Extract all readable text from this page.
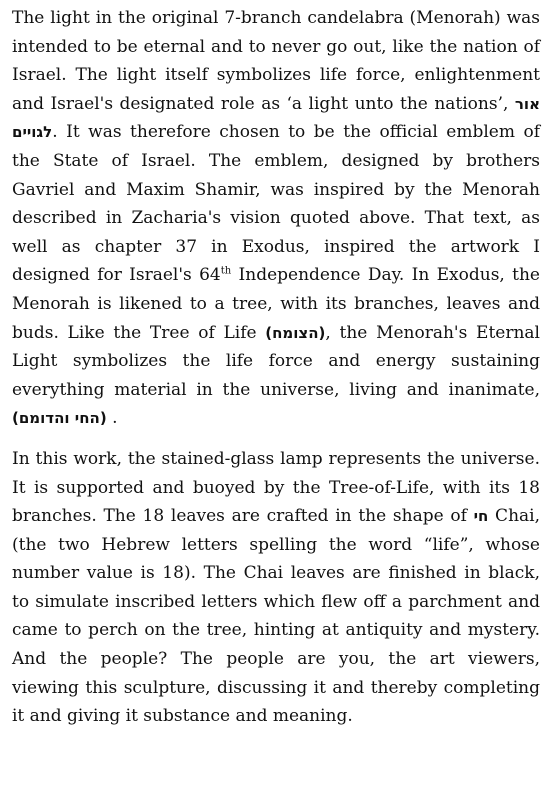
The light in the original 7-branch candelabra (Menorah) was intended to be eternal and to never go out, like the nation of Israel. The light itself symbolizes life force, enlightenment and Israel's designated role as ‘a light unto the nations’, אור לגויים. It was therefore chosen to be the official emblem of the State of Israel. The emblem, designed by brothers Gavriel and Maxim Shamir, was inspired by the Menorah described in Zacharia's vision quoted above. That text, as well as chapter 37 in Exodus, inspired the artwork I designed for Israel's 64th Independence Day. In Exodus, the Menorah is likened to a tree, with its branches, leaves and buds. Like the Tree of Life (הצומח), the Menorah's Eternal Light symbolizes the life force and energy sustaining everything material in the universe, living and inanimate, (החי והדומם) .

In this work, the stained-glass lamp represents the universe. It is supported and buoyed by the Tree-of-Life, with its 18 branches. The 18 leaves are crafted in the shape of חי Chai, (the two Hebrew letters spelling the word “life”, whose number value is 18). The Chai leaves are finished in black, to simulate inscribed letters which flew off a parchment and came to perch on the tree, hinting at antiquity and mystery. And the people? The people are you, the art viewers, viewing this sculpture, discussing it and thereby completing it and giving it substance and meaning.
